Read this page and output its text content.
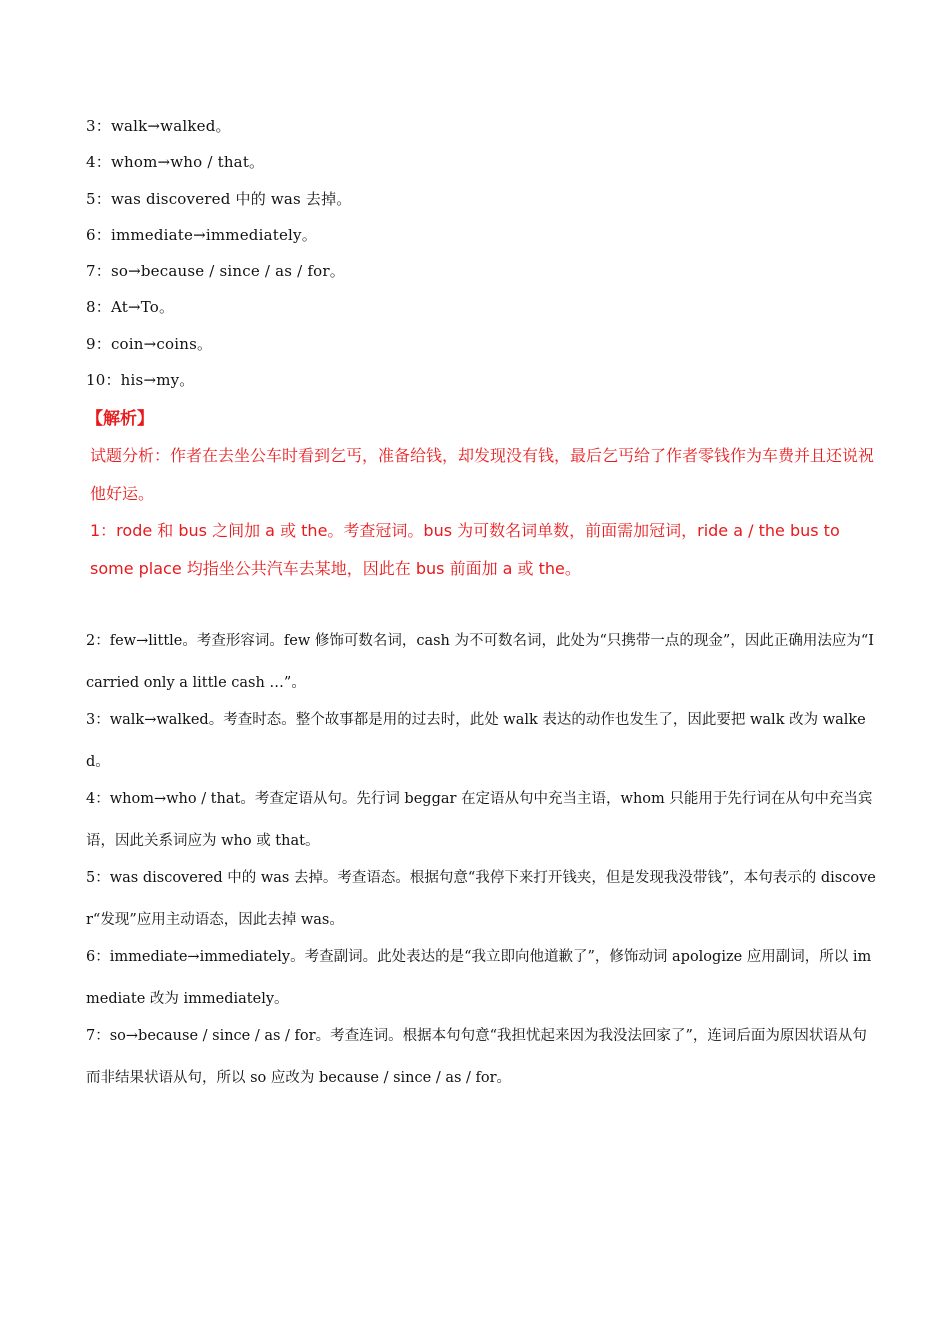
3：walk→walked。
4：whom→who / that。
5：was discovered 中的 was 去掉。
6：immediate→immediately。
7：so→because / since / as / for。
8：At→To。
9：coin→coins。
10：his→my。
【解析】
试题分析：作者在去坐公车时看到乞丐，准备给钱，却发现没有钱，最后乞丐给了作者零钱作为车费并且还说祝他好运。
1：rode 和 bus 之间加 a 或 the。考查冠词。bus 为可数名词单数，前面需加冠词，ride a / the bus to some place 均指坐公共汽车去某地，因此在 bus 前面加 a 或 the。
2：few→little。考查形容词。few 修饰可数名词，cash 为不可数名词，此处为“只携带一点的现金”，因此正确用法应为“I carried only a little cash …”。
3：walk→walked。考查时态。整个故事都是用的过去时，此处 walk 表达的动作也发生了，因此要把 walk 改为 walked。
4：whom→who / that。考查定语从句。先行词 beggar 在定语从句中充当主语，whom 只能用于先行词在从句中充当宾语，因此关系词应为 who 或 that。
5：was discovered 中的 was 去掉。考查语态。根据句意“我停下来打开钱夹，但是发现我没带钱”，本句表示的 discover“发现”应用主动语态，因此去掉 was。
6：immediate→immediately。考查副词。此处表达的是“我立即向他道歉了”，修饰动词 apologize 应用副词，所以 immediate 改为 immediately。
7：so→because / since / as / for。考查连词。根据本句句意“我担忧起来因为我没法回家了”，连词后面为原因状语从句而非结果状语从句，所以 so 应改为 because / since / as / for。
